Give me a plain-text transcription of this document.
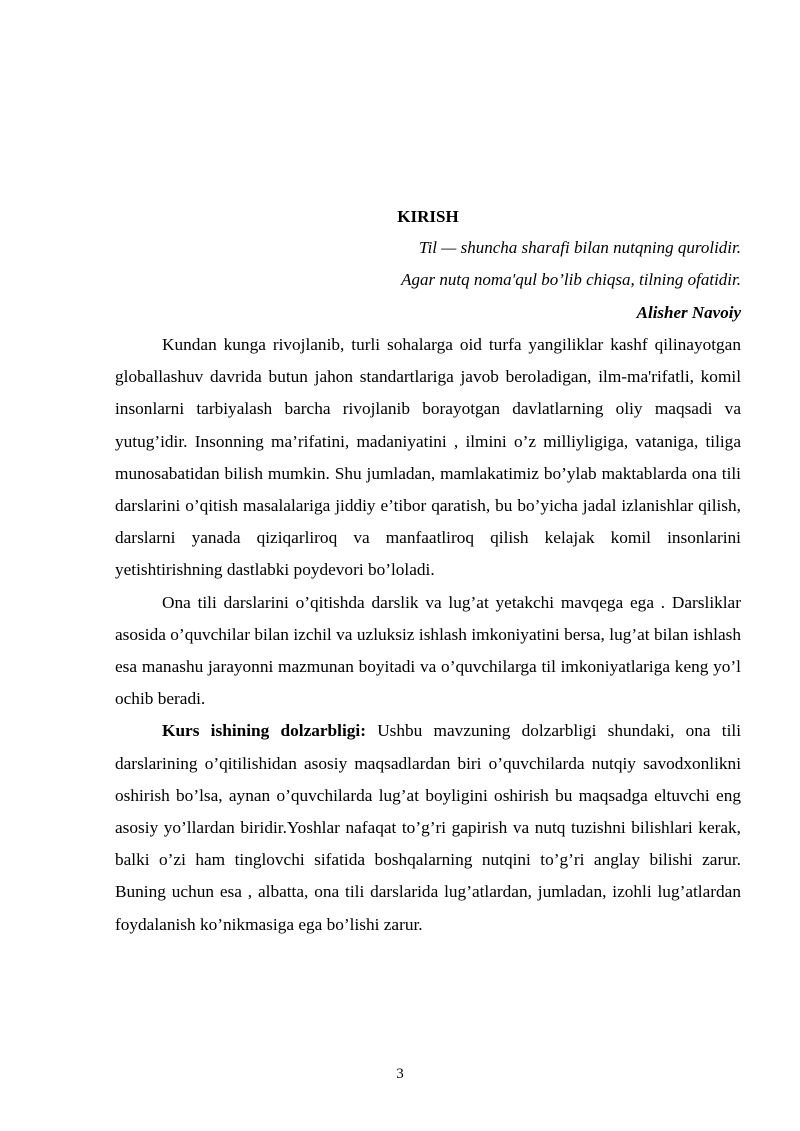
KIRISH

Til — shuncha sharafi bilan nutqning qurolidir.

Agar nutq noma'qul bo’lib chiqsa, tilning ofatidir.

Alisher Navoiy

Kundan kunga rivojlanib, turli sohalarga oid turfa yangiliklar kashf qilinayotgan globallashuv davrida butun jahon standartlariga javob beroladigan, ilm-ma'rifatli, komil insonlarni tarbiyalash barcha rivojlanib borayotgan davlatlarning oliy maqsadi va yutug’idir. Insonning ma’rifatini, madaniyatini , ilmini o’z milliyligiga, vataniga, tiliga munosabatidan bilish mumkin. Shu jumladan, mamlakatimiz bo’ylab maktablarda ona tili darslarini o’qitish masalalariga jiddiy e’tibor qaratish, bu bo’yicha jadal izlanishlar qilish, darslarni yanada qiziqarliroq va manfaatliroq qilish kelajak komil insonlarini yetishtirishning dastlabki poydevori bo’loladi.

Ona tili darslarini o’qitishda darslik va lug’at yetakchi mavqega ega . Darsliklar asosida o’quvchilar bilan izchil va uzluksiz ishlash imkoniyatini bersa, lug’at bilan ishlash esa manashu jarayonni mazmunan boyitadi va o’quvchilarga til imkoniyatlariga keng yo’l ochib beradi.

Kurs ishining dolzarbligi: Ushbu mavzuning dolzarbligi shundaki, ona tili darslarining o’qitilishidan asosiy maqsadlardan biri o’quvchilarda nutqiy savodxonlikni oshirish bo’lsa, aynan o’quvchilarda lug’at boyligini oshirish bu maqsadga eltuvchi eng asosiy yo’llardan biridir.Yoshlar nafaqat to’g’ri gapirish va nutq tuzishni bilishlari kerak, balki o’zi ham tinglovchi sifatida boshqalarning nutqini to’g’ri anglay bilishi zarur. Buning uchun esa , albatta, ona tili darslarida lug’atlardan, jumladan, izohli lug’atlardan foydalanish ko’nikmasiga ega bo’lishi zarur.

3
